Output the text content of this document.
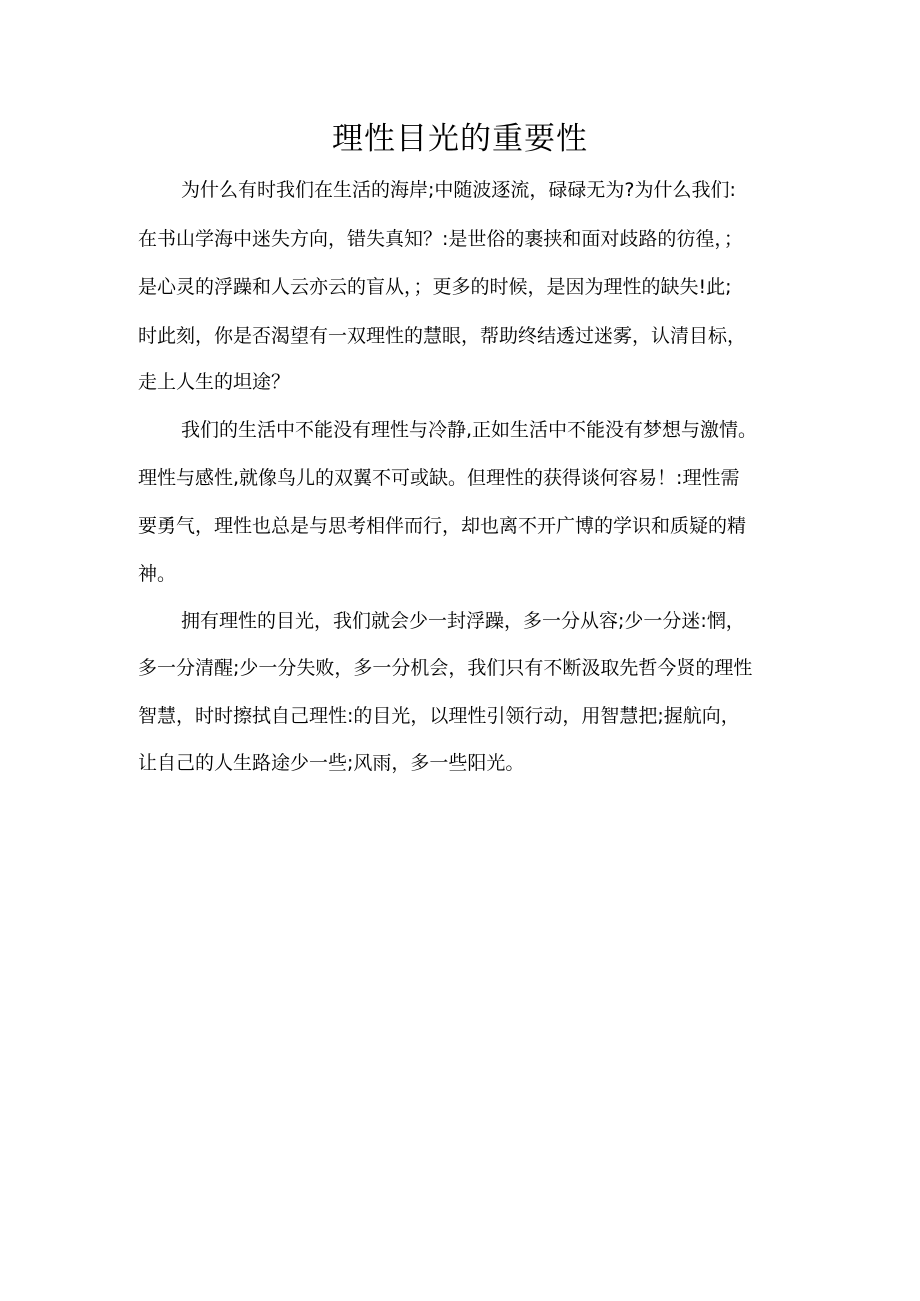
理性目光的重要性

为什么有时我们在生活的海岸;中随波逐流，碌碌无为?为什么我们:

在书山学海中迷失方向，错失真知？:是世俗的裹挟和面对歧路的彷徨，；

是心灵的浮躁和人云亦云的盲从，；更多的时候，是因为理性的缺失!此;

时此刻，你是否渴望有一双理性的慧眼，帮助终结透过迷雾，认清目标，

走上人生的坦途？

我们的生活中不能没有理性与冷静,正如生活中不能没有梦想与激情。

理性与感性,就像鸟儿的双翼不可或缺。但理性的获得谈何容易！:理性需

要勇气，理性也总是与思考相伴而行，却也离不开广博的学识和质疑的精

神。

拥有理性的目光，我们就会少一封浮躁，多一分从容;少一分迷:惘，

多一分清醒;少一分失败，多一分机会，我们只有不断汲取先哲今贤的理性

智慧，时时擦拭自己理性:的目光，以理性引领行动，用智慧把;握航向，

让自己的人生路途少一些;风雨，多一些阳光。
